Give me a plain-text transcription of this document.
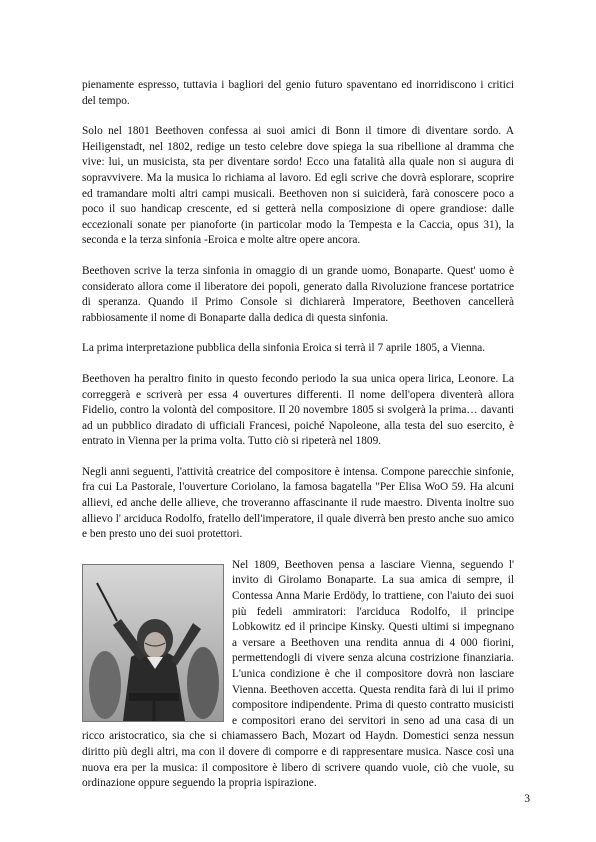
pienamente espresso, tuttavia i bagliori del genio futuro spaventano ed inorridiscono i critici del tempo.

Solo nel 1801 Beethoven confessa ai suoi amici di Bonn il timore di diventare sordo. A Heiligenstadt, nel 1802, redige un testo celebre dove spiega la sua ribellione al dramma che vive: lui, un musicista, sta per diventare sordo! Ecco una fatalità alla quale non si augura di sopravvivere. Ma la musica lo richiama al lavoro. Ed egli scrive che dovrà esplorare, scoprire ed tramandare molti altri campi musicali. Beethoven non si suiciderà, farà conoscere poco a poco il suo handicap crescente, ed si getterà nella composizione di opere grandiose: dalle eccezionali sonate per pianoforte (in particolar modo la Tempesta e la Caccia, opus 31), la seconda e la terza sinfonia -Eroica e molte altre opere ancora.

Beethoven scrive la terza sinfonia in omaggio di un grande uomo, Bonaparte. Quest' uomo è considerato allora come il liberatore dei popoli, generato dalla Rivoluzione francese portatrice di speranza. Quando il Primo Console si dichiarerà Imperatore, Beethoven cancellerà rabbiosamente il nome di Bonaparte dalla dedica di questa sinfonia.

La prima interpretazione pubblica della sinfonia Eroica si terrà il 7 aprile 1805, a Vienna.

Beethoven ha peraltro finito in questo fecondo periodo la sua unica opera lirica, Leonore. La correggerà e scriverà per essa 4 ouvertures differenti. Il nome dell'opera diventerà allora Fidelio, contro la volontà del compositore. Il 20 novembre 1805 si svolgerà la prima… davanti ad un pubblico diradato di ufficiali Francesi, poiché Napoleone, alla testa del suo esercito, è entrato in Vienna per la prima volta. Tutto ciò si ripeterà nel 1809.

Negli anni seguenti, l'attività creatrice del compositore è intensa. Compone parecchie sinfonie, fra cui La Pastorale, l'ouverture Coriolano, la famosa bagatella "Per Elisa WoO 59. Ha alcuni allievi, ed anche delle allieve, che troveranno affascinante il rude maestro. Diventa inoltre suo allievo l' arciduca Rodolfo, fratello dell'imperatore, il quale diverrà ben presto anche suo amico e ben presto uno dei suoi protettori.

Nel 1809, Beethoven pensa a lasciare Vienna, seguendo l' invito di Girolamo Bonaparte. La sua amica di sempre, il Contessa Anna Marie Erdödy, lo trattiene, con l'aiuto dei suoi più fedeli ammiratori: l'arciduca Rodolfo, il principe Lobkowitz ed il principe Kinsky. Questi ultimi si impegnano a versare a Beethoven una rendita annua di 4 000 fiorini, permettendogli di vivere senza alcuna costrizione finanziaria. L'unica condizione è che il compositore dovrà non lasciare Vienna. Beethoven accetta. Questa rendita farà di lui il primo compositore indipendente. Prima di questo contratto musicisti e compositori erano dei servitori in seno ad una casa di un ricco aristocratico, sia che si chiamassero Bach, Mozart od Haydn. Domestici senza nessun diritto più degli altri, ma con il dovere di comporre e di rappresentare musica. Nasce così una nuova era per la musica: il compositore è libero di scrivere quando vuole, ciò che vuole, su ordinazione oppure seguendo la propria ispirazione.

3
